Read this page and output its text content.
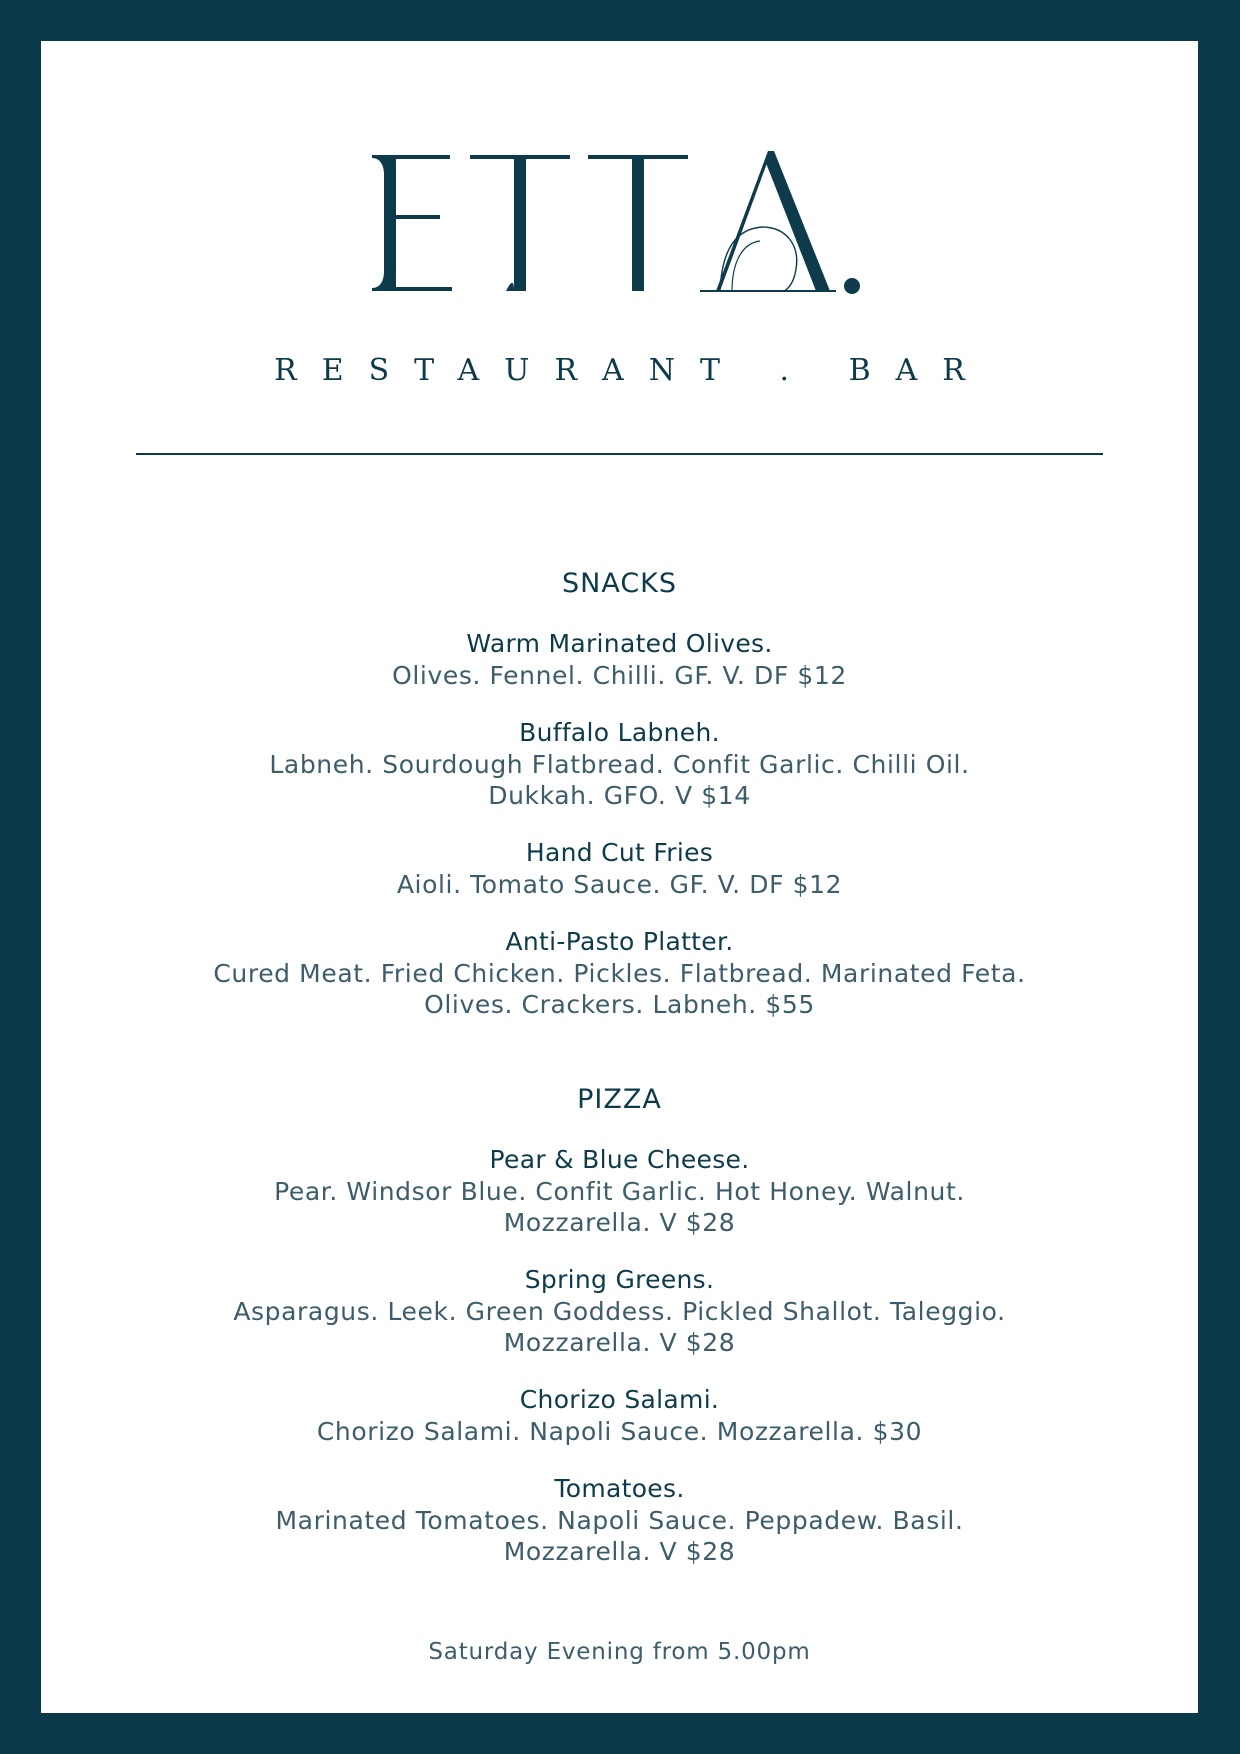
RESTAURANT . BAR
SNACKS
Warm Marinated Olives.
Olives. Fennel. Chilli. GF. V. DF $12
Buffalo Labneh.
Labneh. Sourdough Flatbread. Confit Garlic. Chilli Oil.
Dukkah. GFO. V $14
Hand Cut Fries
Aioli. Tomato Sauce. GF. V. DF $12
Anti-Pasto Platter.
Cured Meat. Fried Chicken. Pickles. Flatbread. Marinated Feta.
Olives. Crackers. Labneh. $55
PIZZA
Pear & Blue Cheese.
Pear. Windsor Blue. Confit Garlic. Hot Honey. Walnut.
Mozzarella. V $28
Spring Greens.
Asparagus. Leek. Green Goddess. Pickled Shallot. Taleggio.
Mozzarella. V $28
Chorizo Salami.
Chorizo Salami. Napoli Sauce. Mozzarella. $30
Tomatoes.
Marinated Tomatoes. Napoli Sauce. Peppadew. Basil.
Mozzarella. V $28
Saturday Evening from 5.00pm
